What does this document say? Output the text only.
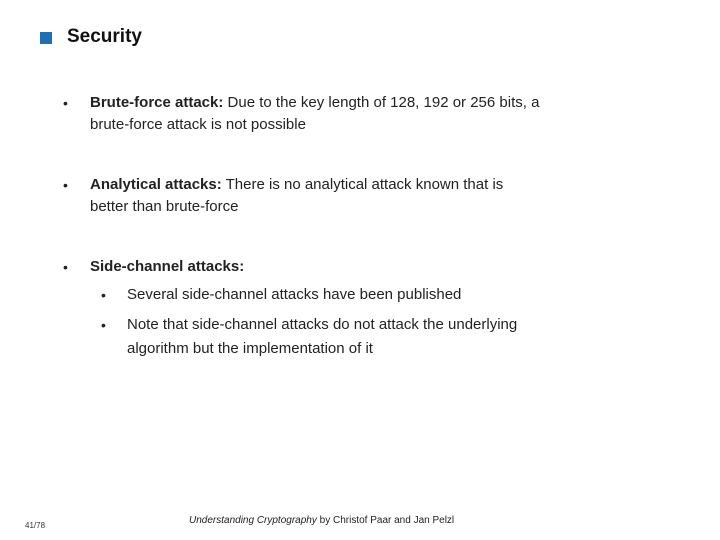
Security
• Brute-force attack: Due to the key length of 128, 192 or 256 bits, a brute-force attack is not possible
• Analytical attacks: There is no analytical attack known that is better than brute-force
• Side-channel attacks:
• Several side-channel attacks have been published
• Note that side-channel attacks do not attack the underlying algorithm but the implementation of it
41/78	Understanding Cryptography by Christof Paar and Jan Pelzl
